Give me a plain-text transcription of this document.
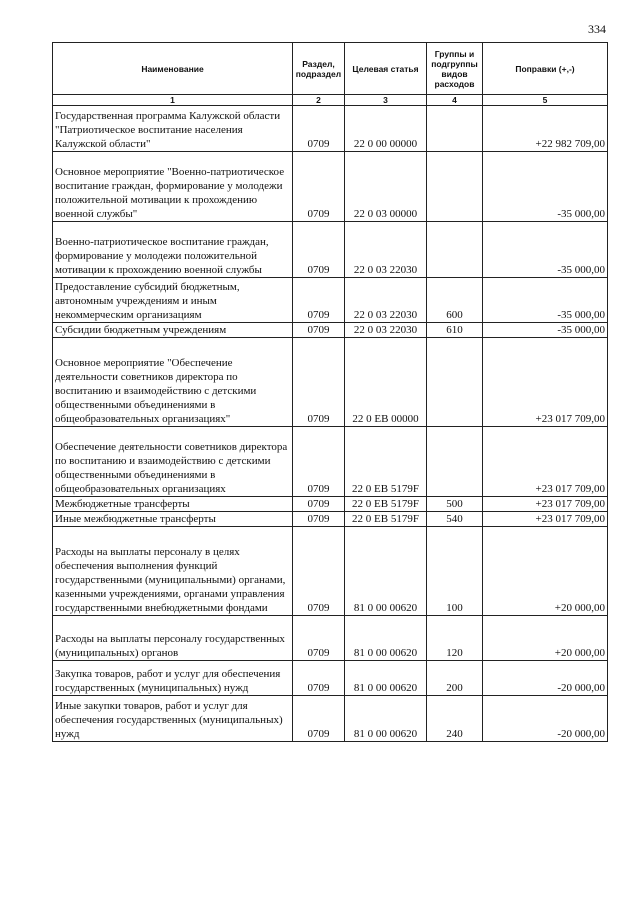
334
Наименование	Раздел, подраздел	Целевая статья	Группы и подгруппы видов расходов	Поправки (+,-)
1	2	3	4	5
Государственная программа Калужской области "Патриотическое воспитание населения Калужской области"	0709	22 0 00 00000		+22 982 709,00
Основное мероприятие "Военно-патриотическое воспитание граждан, формирование у молодежи положительной мотивации к прохождению военной службы"	0709	22 0 03 00000		-35 000,00
Военно-патриотическое воспитание граждан, формирование у молодежи положительной мотивации к прохождению военной службы	0709	22 0 03 22030		-35 000,00
Предоставление субсидий бюджетным, автономным учреждениям и иным некоммерческим организациям	0709	22 0 03 22030	600	-35 000,00
Субсидии бюджетным учреждениям	0709	22 0 03 22030	610	-35 000,00
Основное мероприятие "Обеспечение деятельности советников директора по воспитанию и взаимодействию с детскими общественными объединениями в общеобразовательных организациях"	0709	22 0 EB 00000		+23 017 709,00
Обеспечение деятельности советников директора по воспитанию и взаимодействию с детскими общественными объединениями в общеобразовательных организациях	0709	22 0 EB 5179F		+23 017 709,00
Межбюджетные трансферты	0709	22 0 EB 5179F	500	+23 017 709,00
Иные межбюджетные трансферты	0709	22 0 EB 5179F	540	+23 017 709,00
Расходы на выплаты персоналу в целях обеспечения выполнения функций государственными (муниципальными) органами, казенными учреждениями, органами управления государственными внебюджетными фондами	0709	81 0 00 00620	100	+20 000,00
Расходы на выплаты персоналу государственных (муниципальных) органов	0709	81 0 00 00620	120	+20 000,00
Закупка товаров, работ и услуг для обеспечения государственных (муниципальных) нужд	0709	81 0 00 00620	200	-20 000,00
Иные закупки товаров, работ и услуг для обеспечения государственных (муниципальных) нужд	0709	81 0 00 00620	240	-20 000,00
